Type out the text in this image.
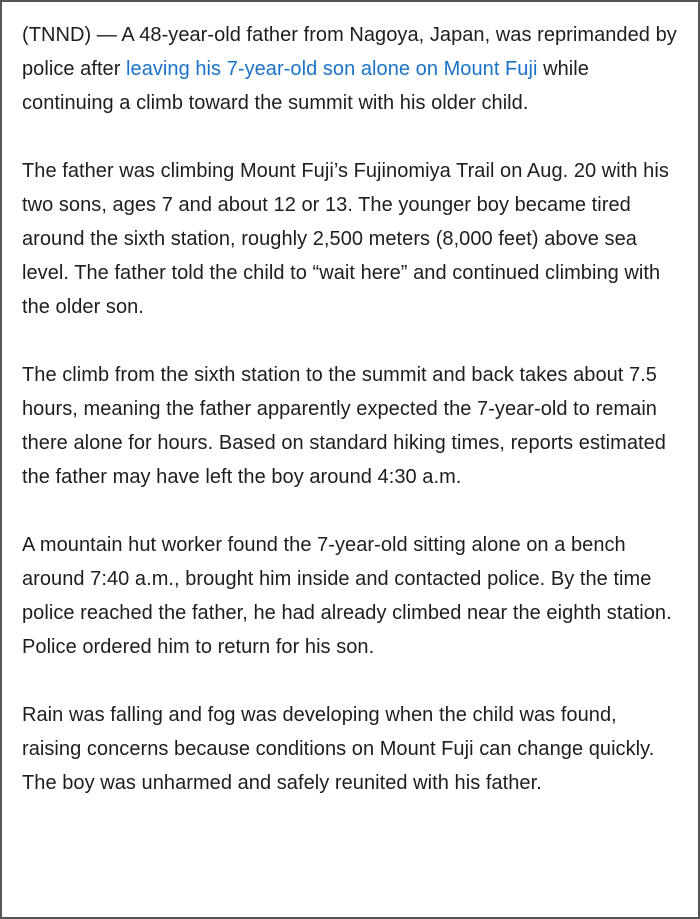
(TNND) — A 48-year-old father from Nagoya, Japan, was reprimanded by police after leaving his 7-year-old son alone on Mount Fuji while continuing a climb toward the summit with his older child.

The father was climbing Mount Fuji’s Fujinomiya Trail on Aug. 20 with his two sons, ages 7 and about 12 or 13. The younger boy became tired around the sixth station, roughly 2,500 meters (8,000 feet) above sea level. The father told the child to “wait here” and continued climbing with the older son.

The climb from the sixth station to the summit and back takes about 7.5 hours, meaning the father apparently expected the 7-year-old to remain there alone for hours. Based on standard hiking times, reports estimated the father may have left the boy around 4:30 a.m.

A mountain hut worker found the 7-year-old sitting alone on a bench around 7:40 a.m., brought him inside and contacted police. By the time police reached the father, he had already climbed near the eighth station. Police ordered him to return for his son.

Rain was falling and fog was developing when the child was found, raising concerns because conditions on Mount Fuji can change quickly. The boy was unharmed and safely reunited with his father.
